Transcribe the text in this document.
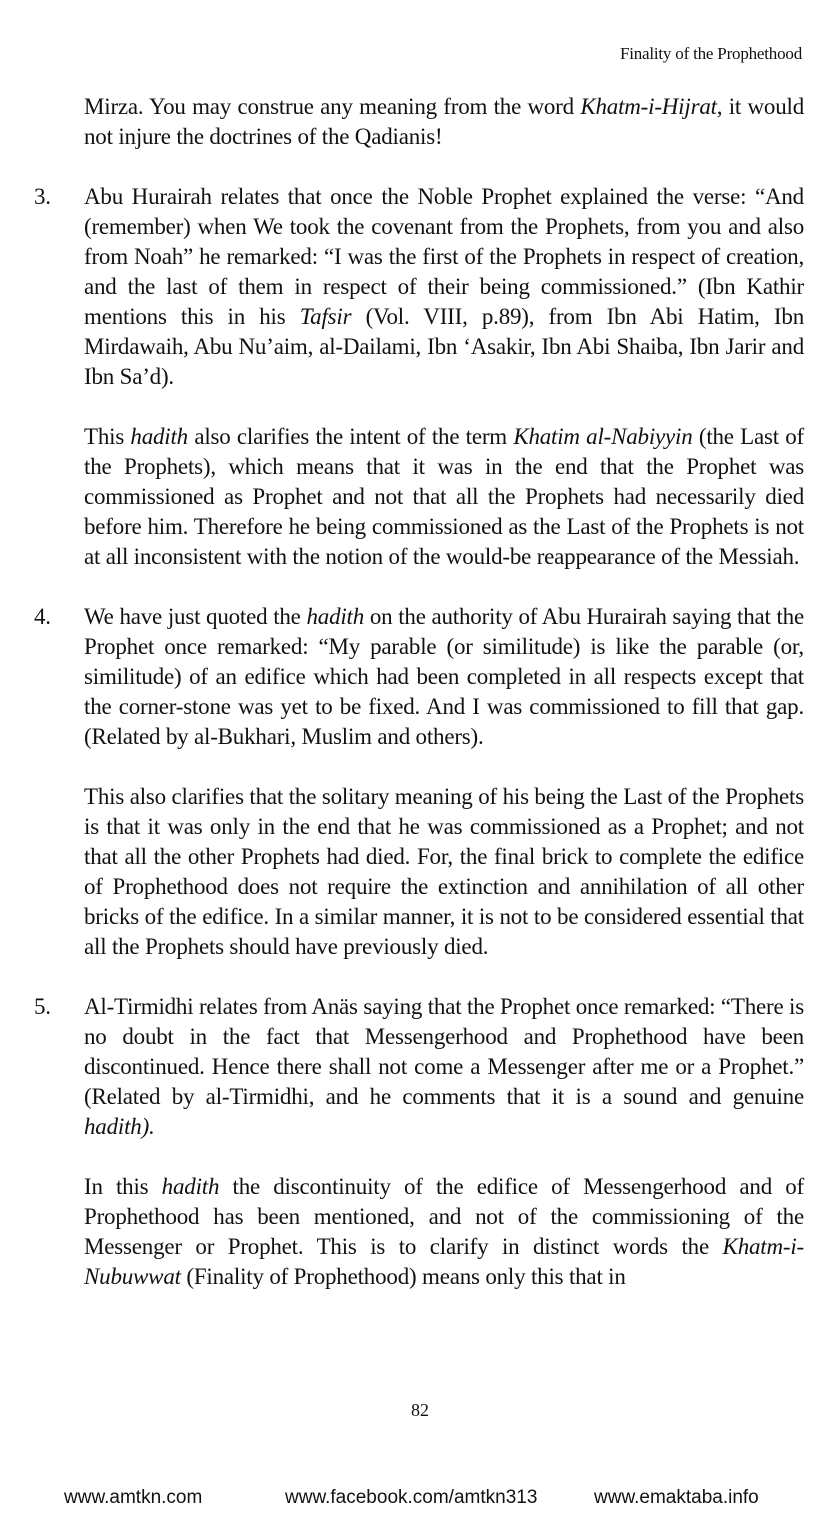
Finality of the Prophethood

Mirza. You may construe any meaning from the word Khatm-i-Hijrat, it would not injure the doctrines of the Qadianis!

3. Abu Hurairah relates that once the Noble Prophet explained the verse: “And (remember) when We took the covenant from the Prophets, from you and also from Noah” he remarked: “I was the first of the Prophets in respect of creation, and the last of them in respect of their being commissioned.” (Ibn Kathir mentions this in his Tafsir (Vol. VIII, p.89), from Ibn Abi Hatim, Ibn Mirdawaih, Abu Nu’aim, al-Dailami, Ibn ‘Asakir, Ibn Abi Shaiba, Ibn Jarir and Ibn Sa’d).

This hadith also clarifies the intent of the term Khatim al-Nabiyyin (the Last of the Prophets), which means that it was in the end that the Prophet was commissioned as Prophet and not that all the Prophets had necessarily died before him. Therefore he being commissioned as the Last of the Prophets is not at all inconsistent with the notion of the would-be reappearance of the Messiah.

4. We have just quoted the hadith on the authority of Abu Hurairah saying that the Prophet once remarked: “My parable (or similitude) is like the parable (or, similitude) of an edifice which had been completed in all respects except that the corner-stone was yet to be fixed. And I was commissioned to fill that gap. (Related by al-Bukhari, Muslim and others).

This also clarifies that the solitary meaning of his being the Last of the Prophets is that it was only in the end that he was commissioned as a Prophet; and not that all the other Prophets had died. For, the final brick to complete the edifice of Prophethood does not require the extinction and annihilation of all other bricks of the edifice. In a similar manner, it is not to be considered essential that all the Prophets should have previously died.

5. Al-Tirmidhi relates from Anäs saying that the Prophet once remarked: “There is no doubt in the fact that Messengerhood and Prophethood have been discontinued. Hence there shall not come a Messenger after me or a Prophet.” (Related by al-Tirmidhi, and he comments that it is a sound and genuine hadith).

In this hadith the discontinuity of the edifice of Messengerhood and of Prophethood has been mentioned, and not of the commissioning of the Messenger or Prophet. This is to clarify in distinct words the Khatm-i-Nubuwwat (Finality of Prophethood) means only this that in

82
www.amtkn.com	www.facebook.com/amtkn313	www.emaktaba.info
